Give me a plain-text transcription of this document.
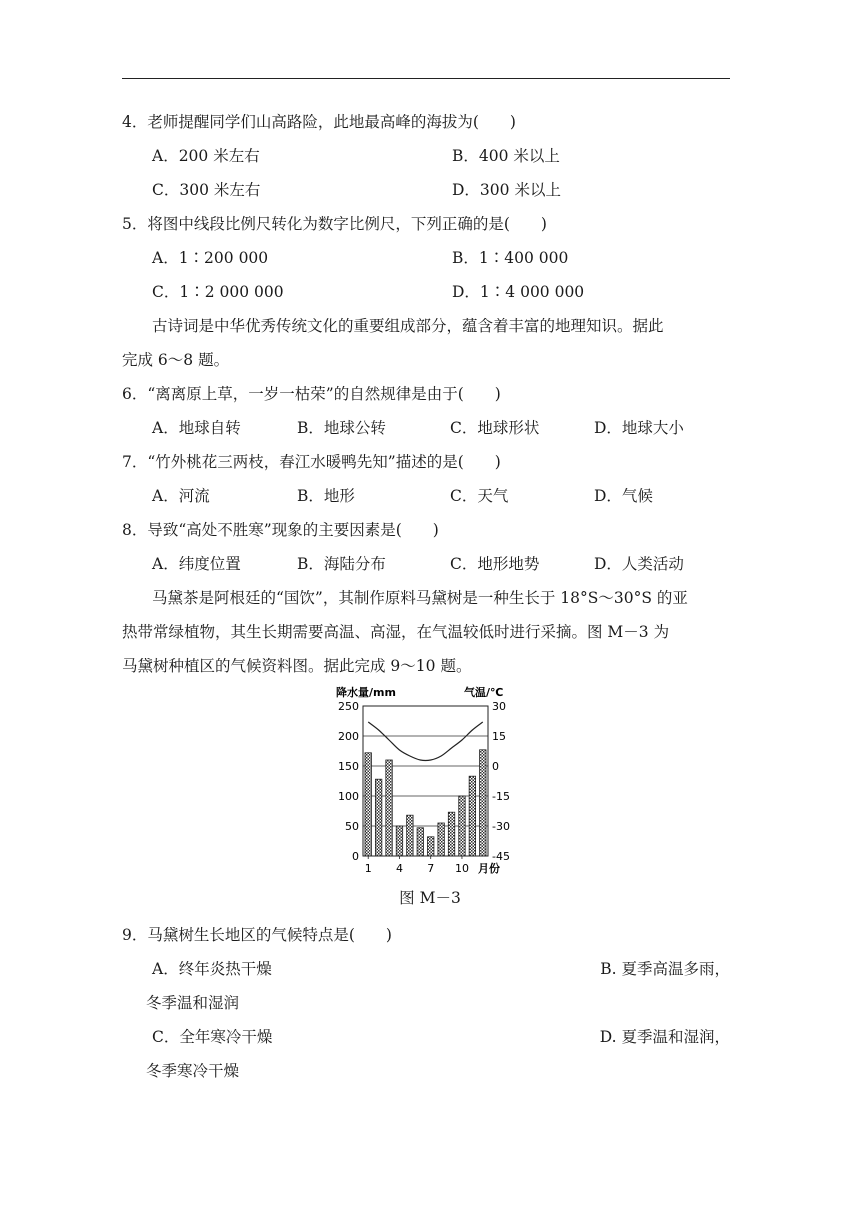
4．老师提醒同学们山高路险，此地最高峰的海拔为(　　)
A．200 米左右	B．400 米以上
C．300 米左右	D．300 米以上
5．将图中线段比例尺转化为数字比例尺，下列正确的是(　　)
A．1∶200 000	B．1∶400 000
C．1∶2 000 000	D．1∶4 000 000
古诗词是中华优秀传统文化的重要组成部分，蕴含着丰富的地理知识。据此
完成 6～8 题。
6．“离离原上草，一岁一枯荣”的自然规律是由于(　　)
A．地球自转	B．地球公转	C．地球形状	D．地球大小
7．“竹外桃花三两枝，春江水暖鸭先知”描述的是(　　)
A．河流	B．地形	C．天气	D．气候
8．导致“高处不胜寒”现象的主要因素是(　　)
A．纬度位置	B．海陆分布	C．地形地势	D．人类活动
马黛茶是阿根廷的“国饮”，其制作原料马黛树是一种生长于 18°S～30°S 的亚
热带常绿植物，其生长期需要高温、高湿，在气温较低时进行采摘。图 M－3 为
马黛树种植区的气候资料图。据此完成 9～10 题。
降水量/mm	气温/℃
250
200
150
100
50
0
30
15
0
-15
-30
-45
1 4 7 10 月份
图 M－3
9．马黛树生长地区的气候特点是(　　)
A．终年炎热干燥	B. 夏季高温多雨，
冬季温和湿润
C．全年寒冷干燥	D. 夏季温和湿润，
冬季寒冷干燥
